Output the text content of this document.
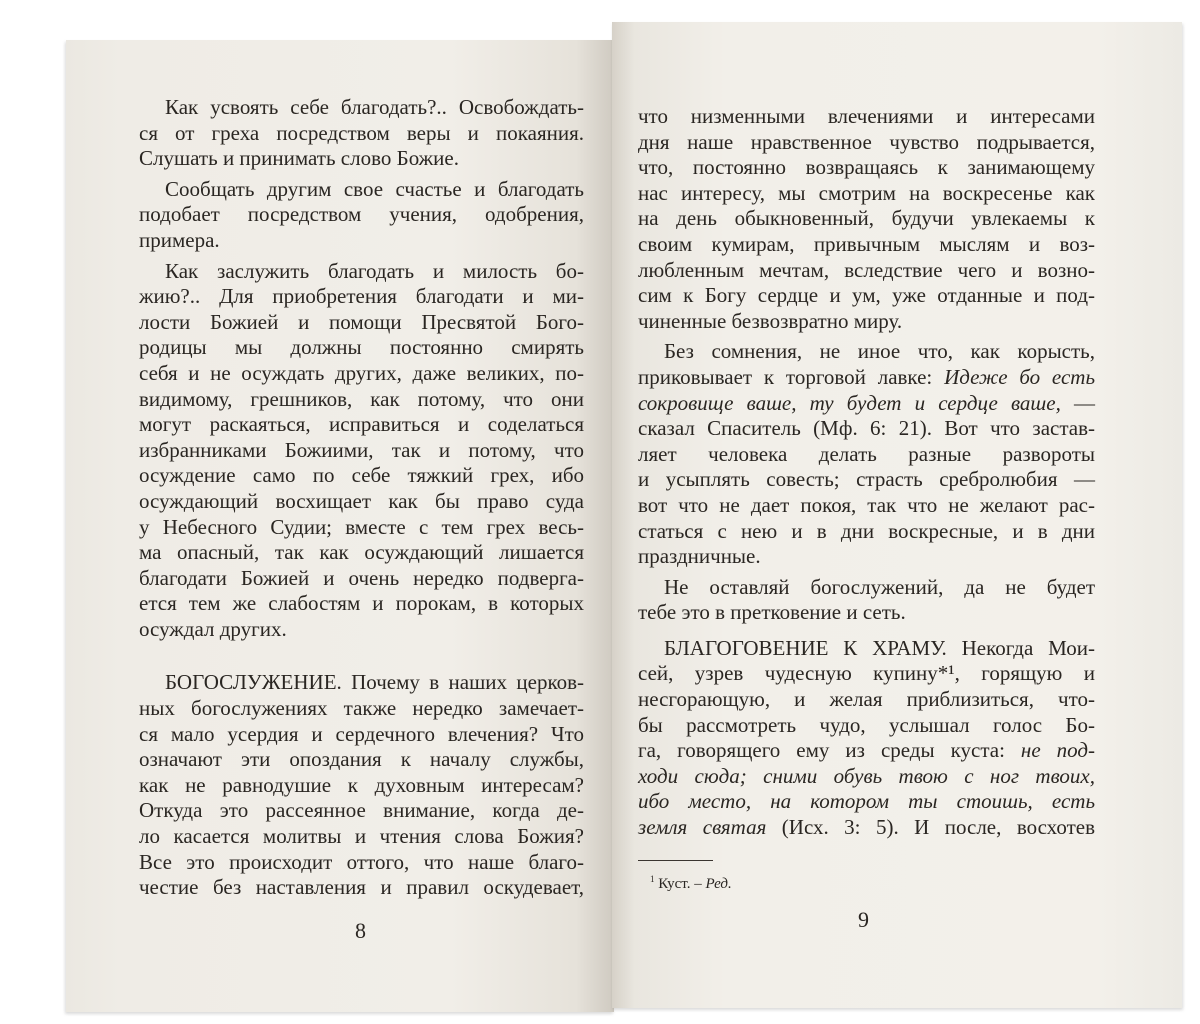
Как усвоять себе благодать?.. Освобождать-
ся от греха посредством веры и покаяния.
Слушать и принимать слово Божие.
Сообщать другим свое счастье и благодать
подобает посредством учения, одобрения,
примера.
Как заслужить благодать и милость бо-
жию?.. Для приобретения благодати и ми-
лости Божией и помощи Пресвятой Бого-
родицы мы должны постоянно смирять
себя и не осуждать других, даже великих, по-
видимому, грешников, как потому, что они
могут раскаяться, исправиться и соделаться
избранниками Божиими, так и потому, что
осуждение само по себе тяжкий грех, ибо
осуждающий восхищает как бы право суда
у Небесного Судии; вместе с тем грех весь-
ма опасный, так как осуждающий лишается
благодати Божией и очень нередко подверга-
ется тем же слабостям и порокам, в которых
осуждал других.
БОГОСЛУЖЕНИЕ. Почему в наших церков-
ных богослужениях также нередко замечает-
ся мало усердия и сердечного влечения? Что
означают эти опоздания к началу службы,
как не равнодушие к духовным интересам?
Откуда это рассеянное внимание, когда де-
ло касается молитвы и чтения слова Божия?
Все это происходит оттого, что наше благо-
честие без наставления и правил оскудевает,
что низменными влечениями и интересами
дня наше нравственное чувство подрывается,
что, постоянно возвращаясь к занимающему
нас интересу, мы смотрим на воскресенье как
на день обыкновенный, будучи увлекаемы к
своим кумирам, привычным мыслям и воз-
любленным мечтам, вследствие чего и возно-
сим к Богу сердце и ум, уже отданные и под-
чиненные безвозвратно миру.
Без сомнения, не иное что, как корысть,
приковывает к торговой лавке: Идеже бо есть
сокровище ваше, ту будет и сердце ваше, —
сказал Спаситель (Мф. 6: 21). Вот что застав-
ляет человека делать разные развороты
и усыплять совесть; страсть сребролюбия —
вот что не дает покоя, так что не желают рас-
статься с нею и в дни воскресные, и в дни
праздничные.
Не оставляй богослужений, да не будет
тебе это в претковение и сеть.
БЛАГОГОВЕНИЕ К ХРАМУ. Некогда Мои-
сей, узрев чудесную купину*¹, горящую и
несгорающую, и желая приблизиться, что-
бы рассмотреть чудо, услышал голос Бо-
га, говорящего ему из среды куста: не под-
ходи сюда; сними обувь твою с ног твоих,
ибо место, на котором ты стоишь, есть
земля святая (Исх. 3: 5). И после, восхотев
$^1$ Куст. – Ред.
8	9
